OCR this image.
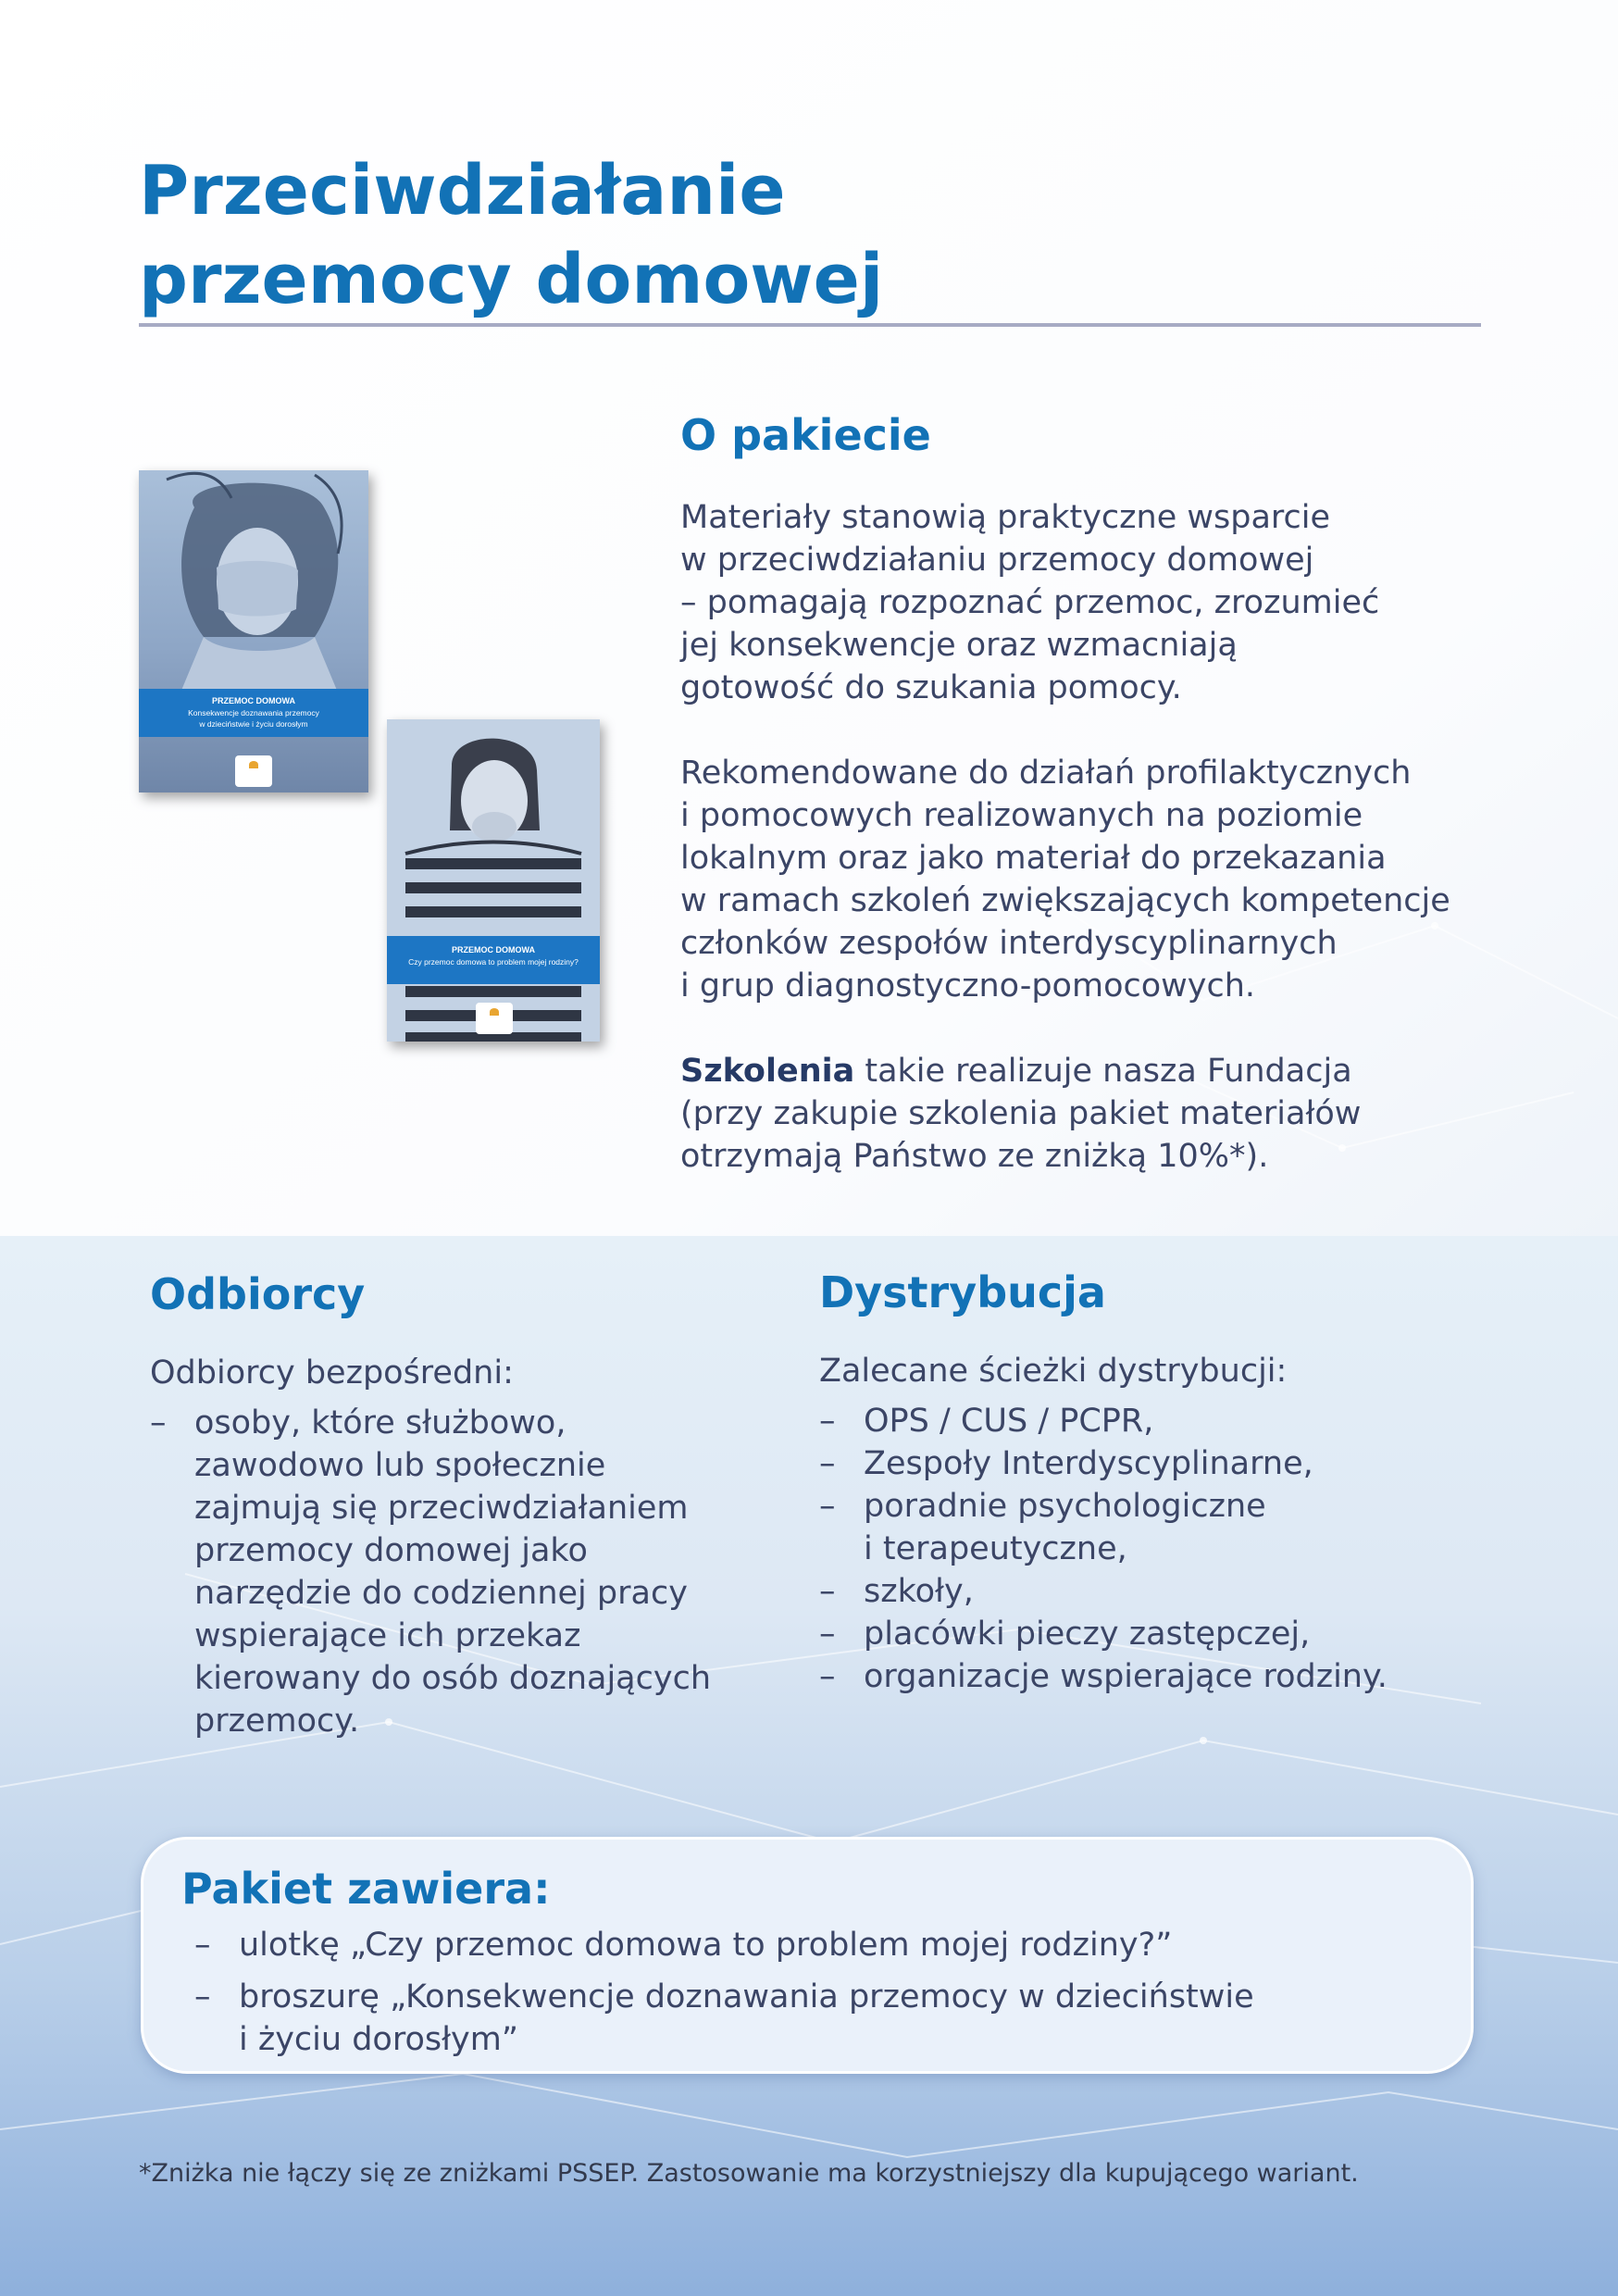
Przeciwdziałanie
przemocy domowej
PRZEMOC DOMOWA
Konsekwencje doznawania przemocy
w dzieciństwie i życiu dorosłym
PRZEMOC DOMOWA
Czy przemoc domowa to problem mojej rodziny?
O pakiecie

Materiały stanowią praktyczne wsparcie
w przeciwdziałaniu przemocy domowej
– pomagają rozpoznać przemoc, zrozumieć
jej konsekwencje oraz wzmacniają
gotowość do szukania pomocy.

Rekomendowane do działań profilaktycznych
i pomocowych realizowanych na poziomie
lokalnym oraz jako materiał do przekazania
w ramach szkoleń zwiększających kompetencje
członków zespołów interdyscyplinarnych
i grup diagnostyczno-pomocowych.

Szkolenia takie realizuje nasza Fundacja
(przy zakupie szkolenia pakiet materiałów
otrzymają Państwo ze zniżką 10%*).

Odbiorcy
Odbiorcy bezpośredni:
– osoby, które służbowo,
zawodowo lub społecznie
zajmują się przeciwdziałaniem
przemocy domowej jako
narzędzie do codziennej pracy
wspierające ich przekaz
kierowany do osób doznających
przemocy.
Dystrybucja
Zalecane ścieżki dystrybucji:
– OPS / CUS / PCPR,
– Zespoły Interdyscyplinarne,
– poradnie psychologiczne
i terapeutyczne,
– szkoły,
– placówki pieczy zastępczej,
– organizacje wspierające rodziny.
Pakiet zawiera:
– ulotkę „Czy przemoc domowa to problem mojej rodziny?”
– broszurę „Konsekwencje doznawania przemocy w dzieciństwie
i życiu dorosłym”

*Zniżka nie łączy się ze zniżkami PSSEP. Zastosowanie ma korzystniejszy dla kupującego wariant.
